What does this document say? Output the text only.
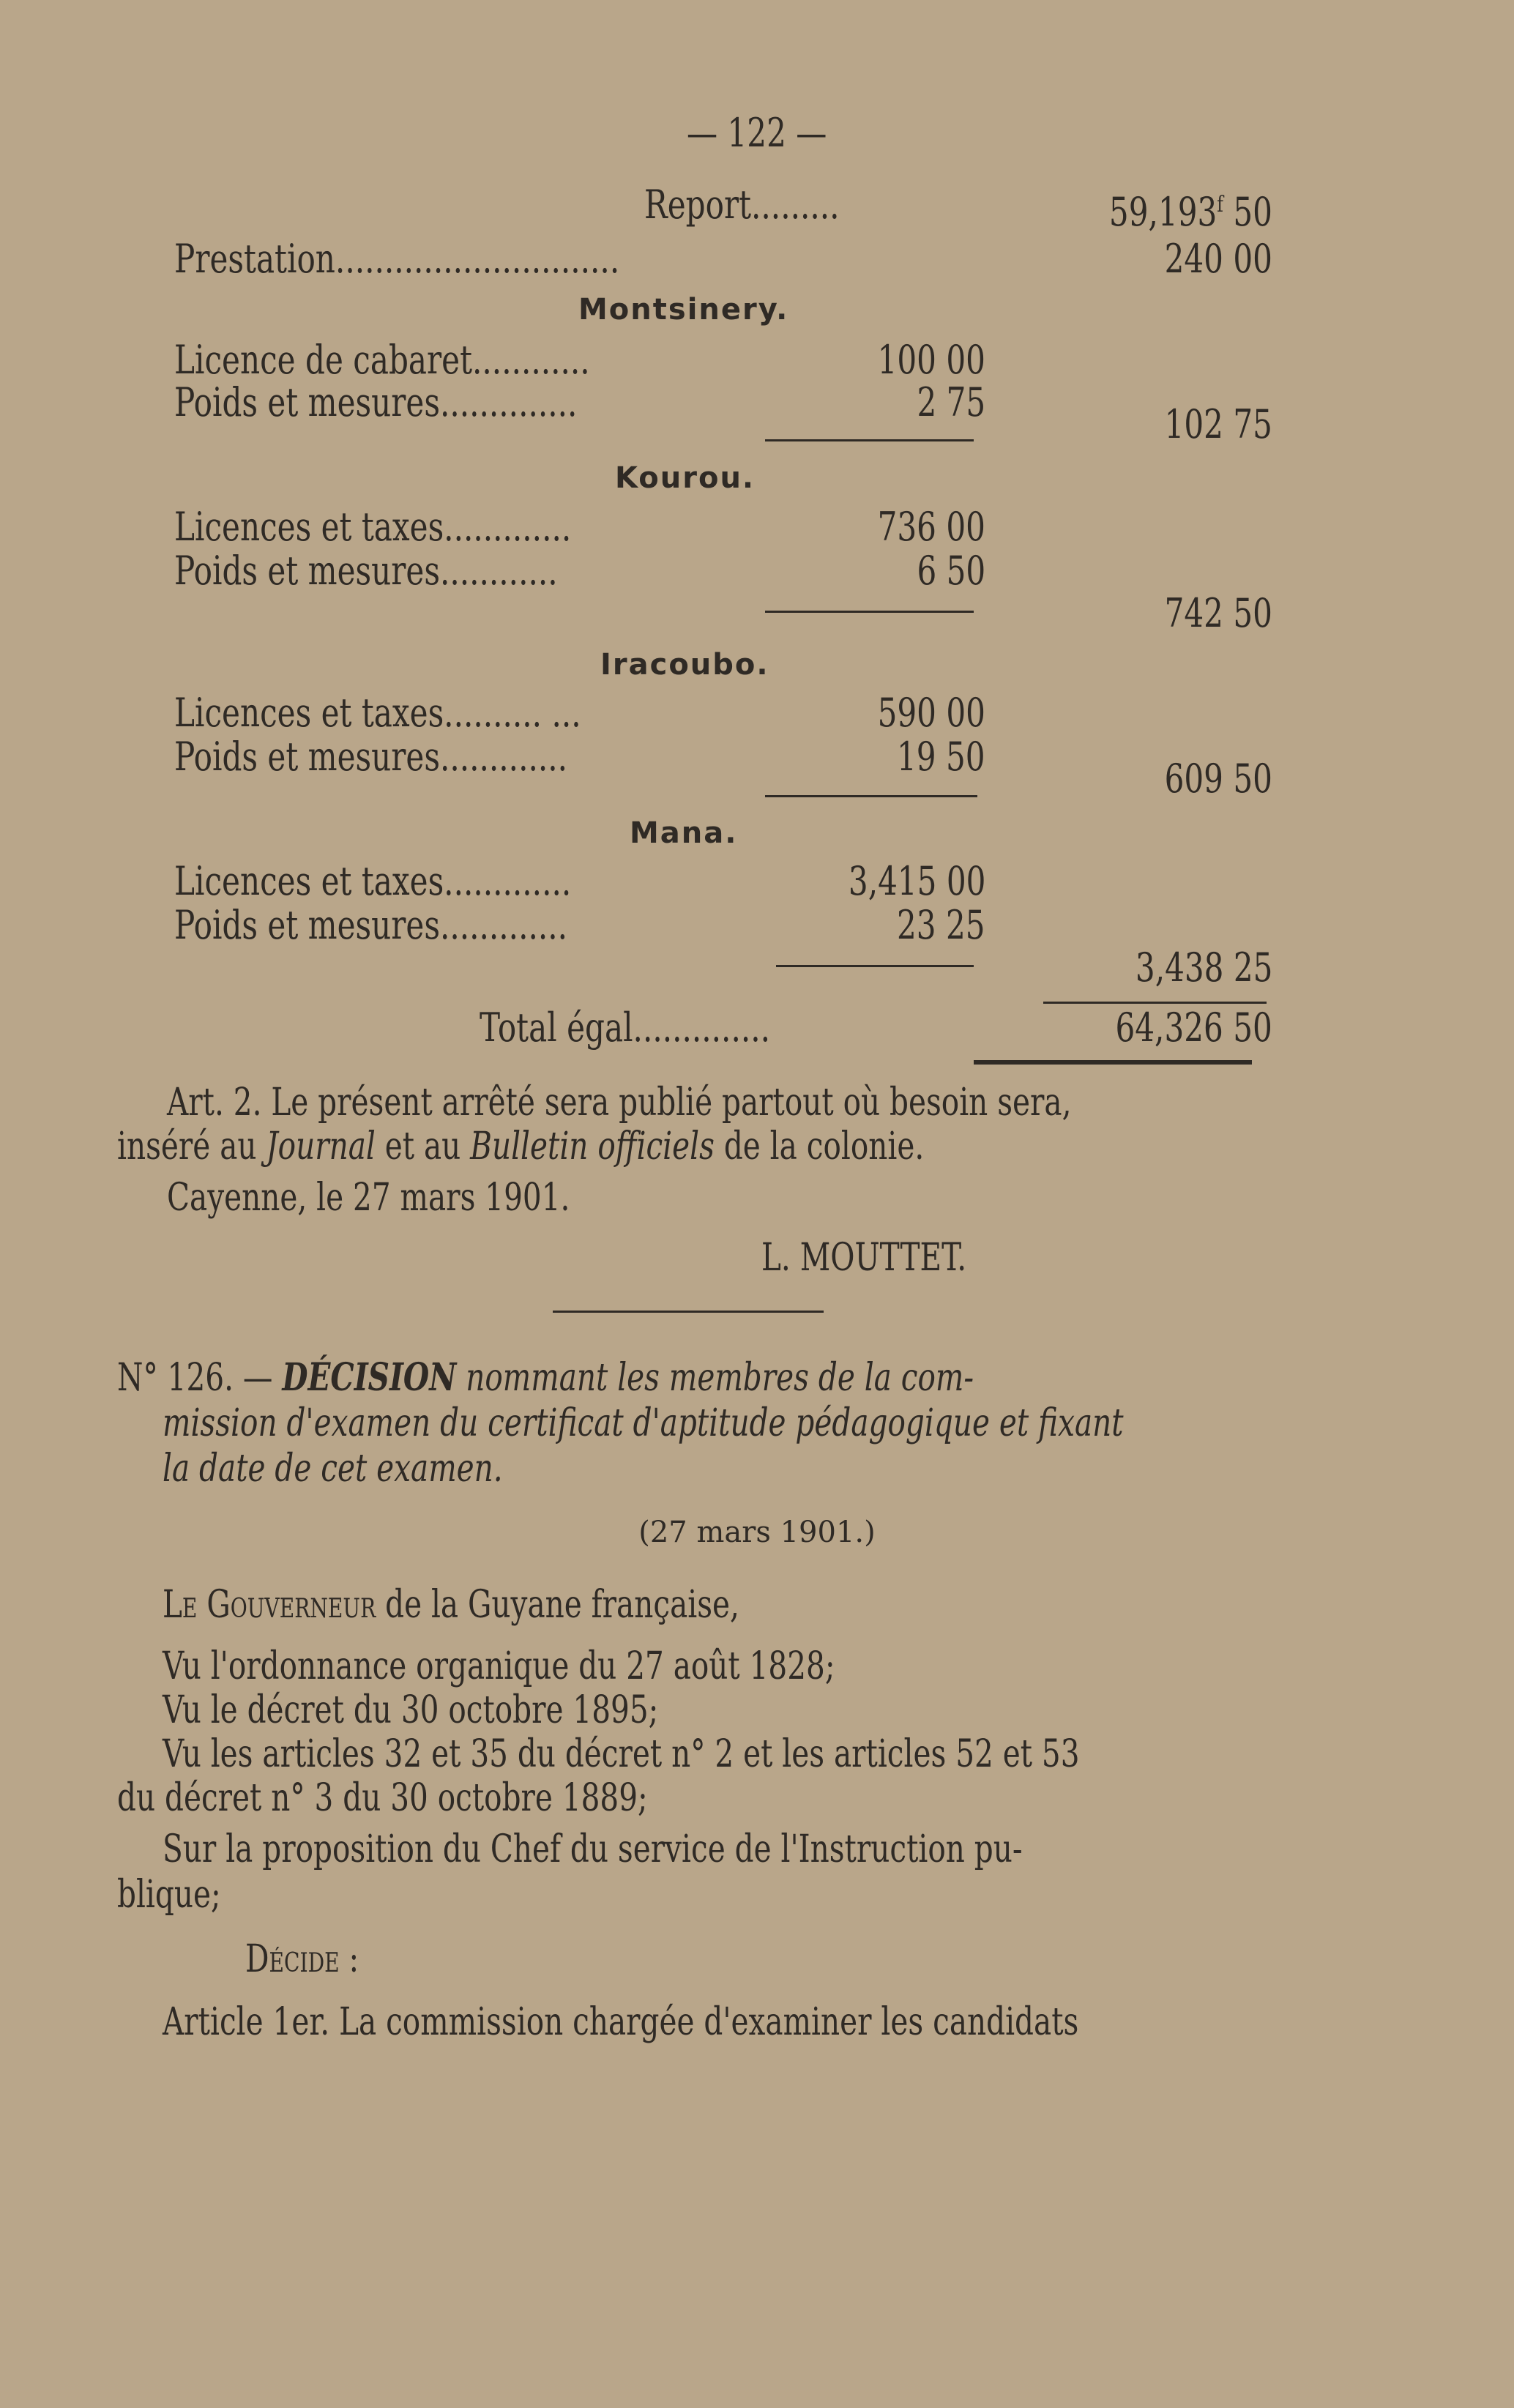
— 122 —
Report.........	59,193$^f$ 50
Prestation.............................	240 00
Montsinery.
Licence de cabaret............	100 00
Poids et mesures..............	2 75	102 75
Kourou.
Licences et taxes.............	736 00
Poids et mesures............	6 50
742 50
Iracoubo.
Licences et taxes.......... ...	590 00
Poids et mesures.............	19 50	609 50
Mana.
Licences et taxes.............	3,415 00
Poids et mesures.............	23 25
3,438 25
Total égal..............	64,326 50
Art. 2. Le présent arrêté sera publié partout où besoin sera,
inséré au Journal et au Bulletin officiels de la colonie.
Cayenne, le 27 mars 1901.
L. MOUTTET.
N° 126. — DÉCISION nommant les membres de la com-
mission d'examen du certificat d'aptitude pédagogique et fixant
la date de cet examen.
(27 mars 1901.)
Le Gouverneur de la Guyane française,
Vu l'ordonnance organique du 27 août 1828;
Vu le décret du 30 octobre 1895;
Vu les articles 32 et 35 du décret n° 2 et les articles 52 et 53
du décret n° 3 du 30 octobre 1889;
Sur la proposition du Chef du service de l'Instruction pu-
blique;
Décide :
Article 1er. La commission chargée d'examiner les candidats
